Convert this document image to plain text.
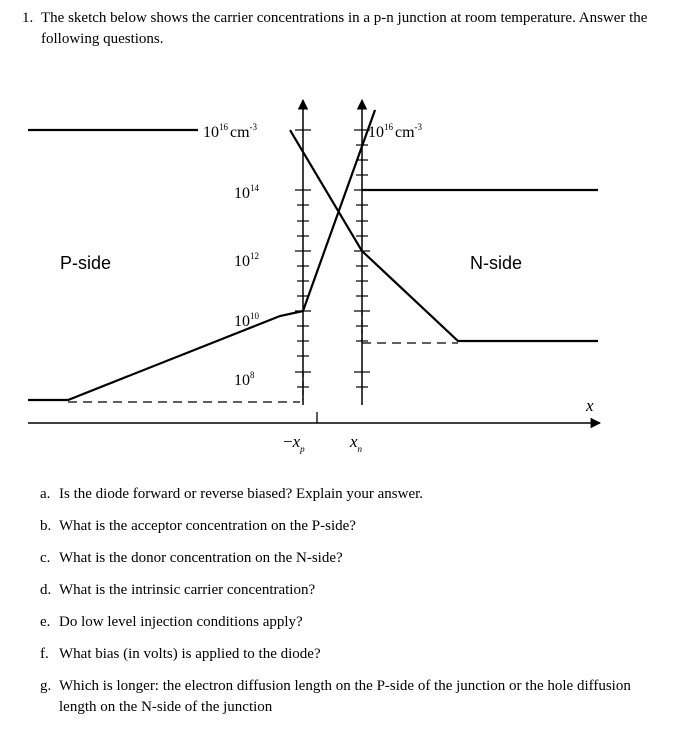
1. The sketch below shows the carrier concentrations in a p-n junction at room temperature. Answer the following questions.
P-side	N-side
$10^{16}$ $cm^{-3}$	$10^{16}$ $cm^{-3}$
$10^{14}$
$10^{12}$
$10^{10}$
$10^8$
$-x_p$	$x_n$
x
a. Is the diode forward or reverse biased? Explain your answer.
b. What is the acceptor concentration on the P-side?
c. What is the donor concentration on the N-side?
d. What is the intrinsic carrier concentration?
e. Do low level injection conditions apply?
f. What bias (in volts) is applied to the diode?
g. Which is longer: the electron diffusion length on the P-side of the junction or the hole diffusion length on the N-side of the junction
